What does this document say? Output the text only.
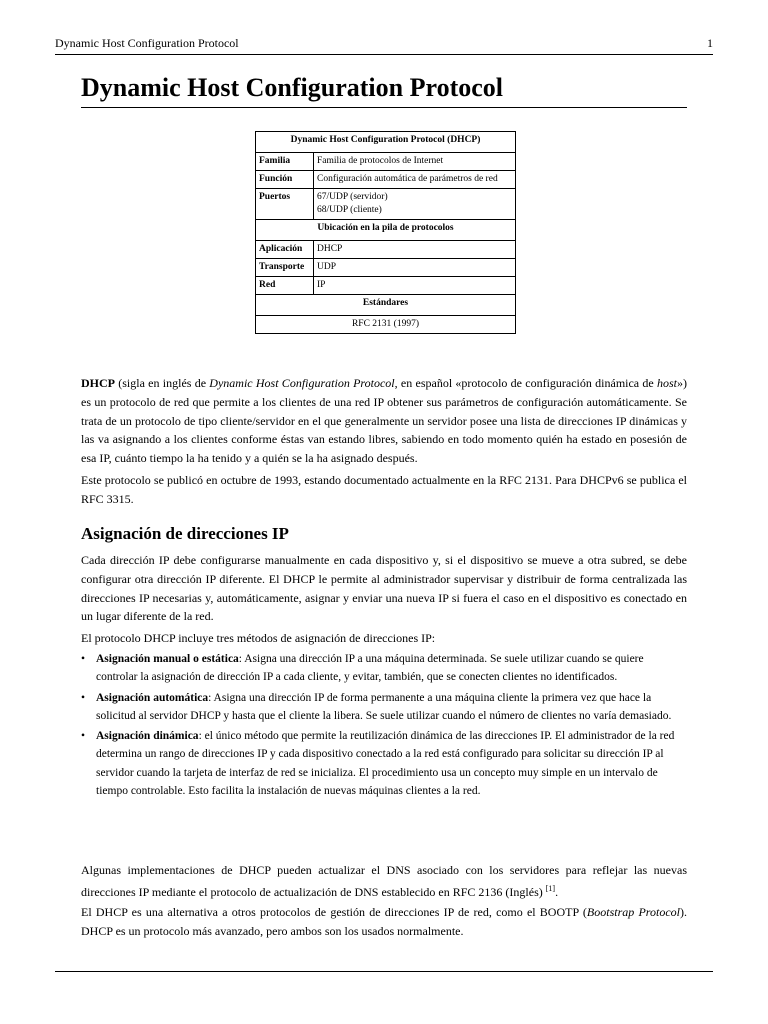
Dynamic Host Configuration Protocol	1
Dynamic Host Configuration Protocol
Dynamic Host Configuration Protocol (DHCP)	
Familia	Familia de protocolos de Internet
Función	Configuración automática de parámetros de red
Puertos	67/UDP (servidor)
68/UDP (cliente)

Ubicación en la pila de protocolos	
Aplicación	DHCP
Transporte	UDP
Red	IP
Estándares	
RFC 2131 (1997)	

DHCP (sigla en inglés de Dynamic Host Configuration Protocol, en español «protocolo de configuración dinámica de host») es un protocolo de red que permite a los clientes de una red IP obtener sus parámetros de configuración automáticamente. Se trata de un protocolo de tipo cliente/servidor en el que generalmente un servidor posee una lista de direcciones IP dinámicas y las va asignando a los clientes conforme éstas van estando libres, sabiendo en todo momento quién ha estado en posesión de esa IP, cuánto tiempo la ha tenido y a quién se la ha asignado después.

Este protocolo se publicó en octubre de 1993, estando documentado actualmente en la RFC 2131. Para DHCPv6 se publica el RFC 3315.

Asignación de direcciones IP

Cada dirección IP debe configurarse manualmente en cada dispositivo y, si el dispositivo se mueve a otra subred, se debe configurar otra dirección IP diferente. El DHCP le permite al administrador supervisar y distribuir de forma centralizada las direcciones IP necesarias y, automáticamente, asignar y enviar una nueva IP si fuera el caso en el dispositivo es conectado en un lugar diferente de la red.

El protocolo DHCP incluye tres métodos de asignación de direcciones IP:

• Asignación manual o estática: Asigna una dirección IP a una máquina determinada. Se suele utilizar cuando se quiere controlar la asignación de dirección IP a cada cliente, y evitar, también, que se conecten clientes no identificados.
• Asignación automática: Asigna una dirección IP de forma permanente a una máquina cliente la primera vez que hace la solicitud al servidor DHCP y hasta que el cliente la libera. Se suele utilizar cuando el número de clientes no varía demasiado.
• Asignación dinámica: el único método que permite la reutilización dinámica de las direcciones IP. El administrador de la red determina un rango de direcciones IP y cada dispositivo conectado a la red está configurado para solicitar su dirección IP al servidor cuando la tarjeta de interfaz de red se inicializa. El procedimiento usa un concepto muy simple en un intervalo de tiempo controlable. Esto facilita la instalación de nuevas máquinas clientes a la red.

Algunas implementaciones de DHCP pueden actualizar el DNS asociado con los servidores para reflejar las nuevas direcciones IP mediante el protocolo de actualización de DNS establecido en RFC 2136 (Inglés) [1].

El DHCP es una alternativa a otros protocolos de gestión de direcciones IP de red, como el BOOTP (Bootstrap Protocol). DHCP es un protocolo más avanzado, pero ambos son los usados normalmente.
